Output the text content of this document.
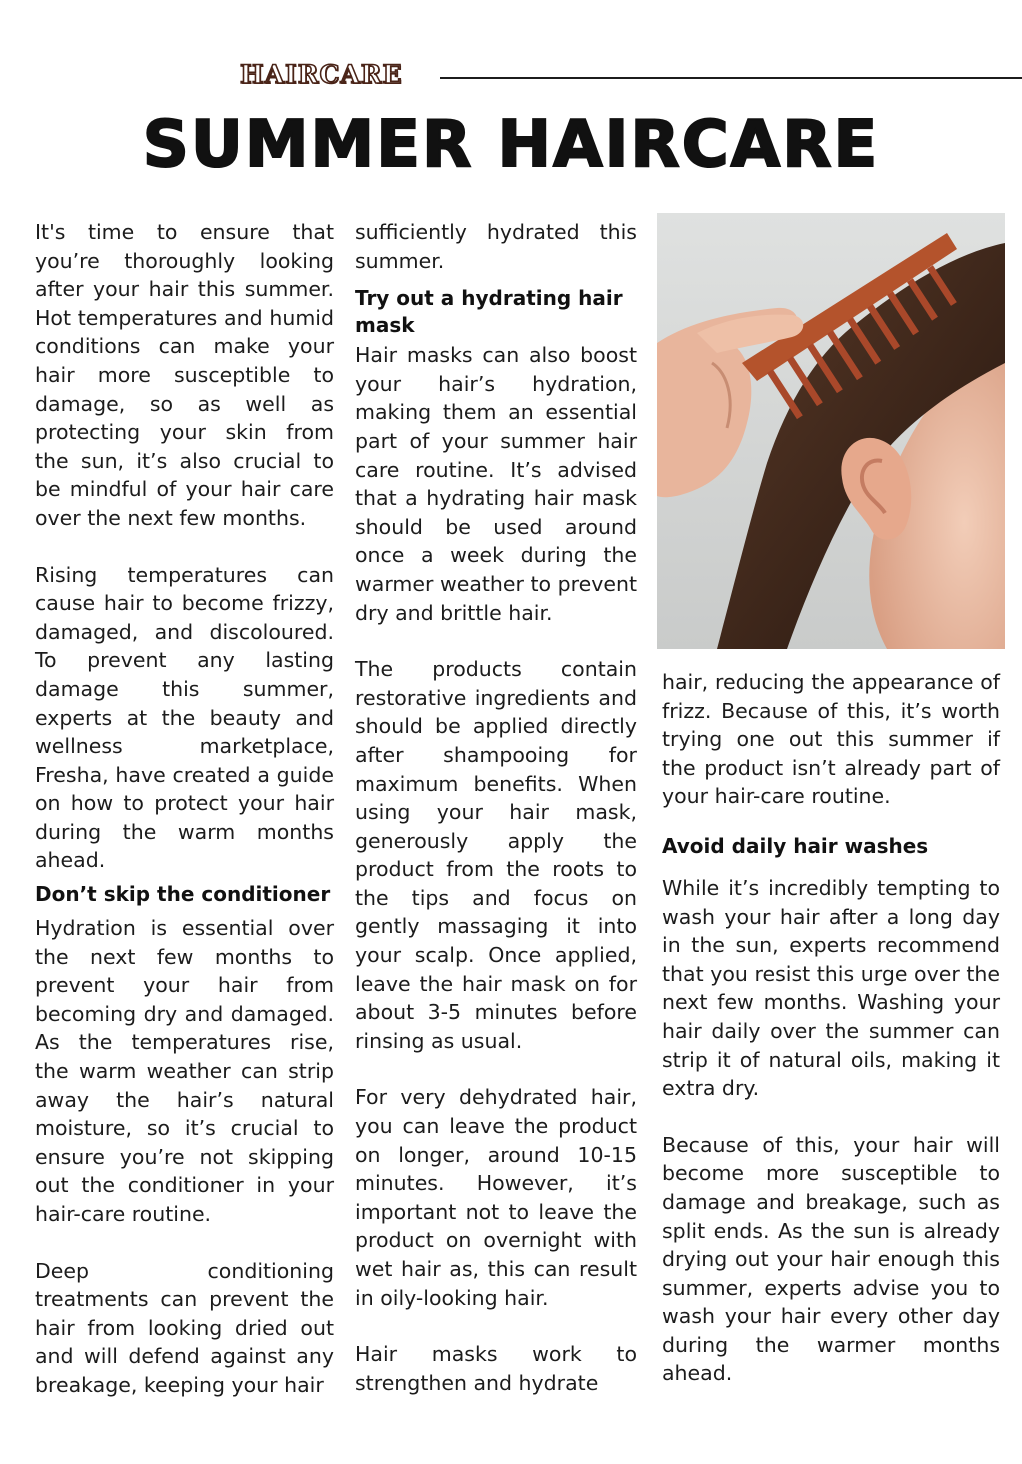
HAIRCARE
SUMMER HAIRCARE

It's time to ensure that you’re thoroughly looking after your hair this summer. Hot temperatures and humid conditions can make your hair more susceptible to damage, so as well as protecting your skin from the sun, it’s also crucial to be mindful of your hair care over the next few months.

Rising temperatures can cause hair to become frizzy, damaged, and discoloured. To prevent any lasting damage this summer, experts at the beauty and wellness marketplace, Fresha, have created a guide on how to protect your hair during the warm months ahead.

Don’t skip the conditioner

Hydration is essential over the next few months to prevent your hair from becoming dry and damaged. As the temperatures rise, the warm weather can strip away the hair’s natural moisture, so it’s crucial to ensure you’re not skipping out the conditioner in your hair-care routine.

Deep conditioning treatments can prevent the hair from looking dried out and will defend against any breakage, keeping your hair

sufficiently hydrated this summer.

Try out a hydrating hair mask

Hair masks can also boost your hair’s hydration, making them an essential part of your summer hair care routine. It’s advised that a hydrating hair mask should be used around once a week during the warmer weather to prevent dry and brittle hair.

The products contain restorative ingredients and should be applied directly after shampooing for maximum benefits. When using your hair mask, generously apply the product from the roots to the tips and focus on gently massaging it into your scalp. Once applied, leave the hair mask on for about 3-5 minutes before rinsing as usual.

For very dehydrated hair, you can leave the product on longer, around 10-15 minutes. However, it’s important not to leave the product on overnight with wet hair as, this can result in oily-looking hair.

Hair masks work to strengthen and hydrate

hair, reducing the appearance of frizz. Because of this, it’s worth trying one out this summer if the product isn’t already part of your hair-care routine.

Avoid daily hair washes

While it’s incredibly tempting to wash your hair after a long day in the sun, experts recommend that you resist this urge over the next few months. Washing your hair daily over the summer can strip it of natural oils, making it extra dry.

Because of this, your hair will become more susceptible to damage and breakage, such as split ends. As the sun is already drying out your hair enough this summer, experts advise you to wash your hair every other day during the warmer months ahead.
